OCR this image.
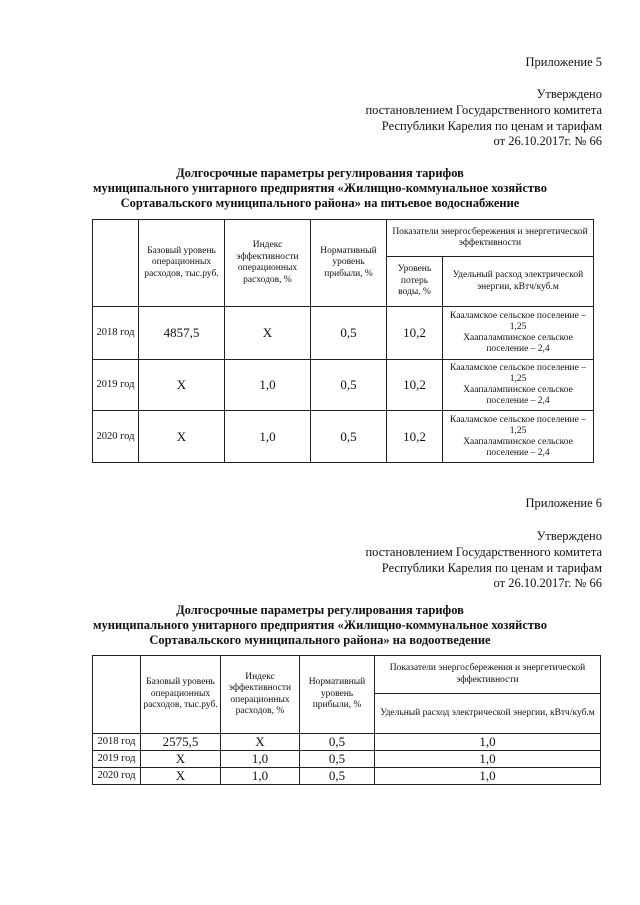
Приложение 5
Утверждено
постановлением Государственного комитета
Республики Карелия по ценам и тарифам
от 26.10.2017г. № 66
Долгосрочные параметры регулирования тарифов
муниципального унитарного предприятия «Жилищно-коммунальное хозяйство
Сортавальского муниципального района» на питьевое водоснабжение
	Базовый уровень операционных расходов, тыс.руб.	Индекс эффективности операционных расходов, %	Нормативный уровень прибыли, %	Показатели энергосбережения и энергетической эффективности	
				Уровень потерь воды, %	Удельный расход электрической энергии, кВтч/куб.м
2018 год	4857,5	X	0,5	10,2	Каaламское сельское поселение – 1,25
Хаапалампинское сельское поселение – 2,4

2019 год	X	1,0	0,5	10,2	Каaламское сельское поселение – 1,25
Хаапалампинское сельское поселение – 2,4

2020 год	X	1,0	0,5	10,2	Каaламское сельское поселение – 1,25
Хаапалампинское сельское поселение – 2,4
Приложение 6
Утверждено
постановлением Государственного комитета
Республики Карелия по ценам и тарифам
от 26.10.2017г. № 66
Долгосрочные параметры регулирования тарифов
муниципального унитарного предприятия «Жилищно-коммунальное хозяйство
Сортавальского муниципального района» на водоотведение
	Базовый уровень операционных расходов, тыс.руб.	Индекс эффективности операционных расходов, %	Нормативный уровень прибыли, %	Показатели энергосбережения и энергетической эффективности
				Удельный расход электрической энергии, кВтч/куб.м
2018 год	2575,5	X	0,5	1,0
2019 год	X	1,0	0,5	1,0
2020 год	X	1,0	0,5	1,0
